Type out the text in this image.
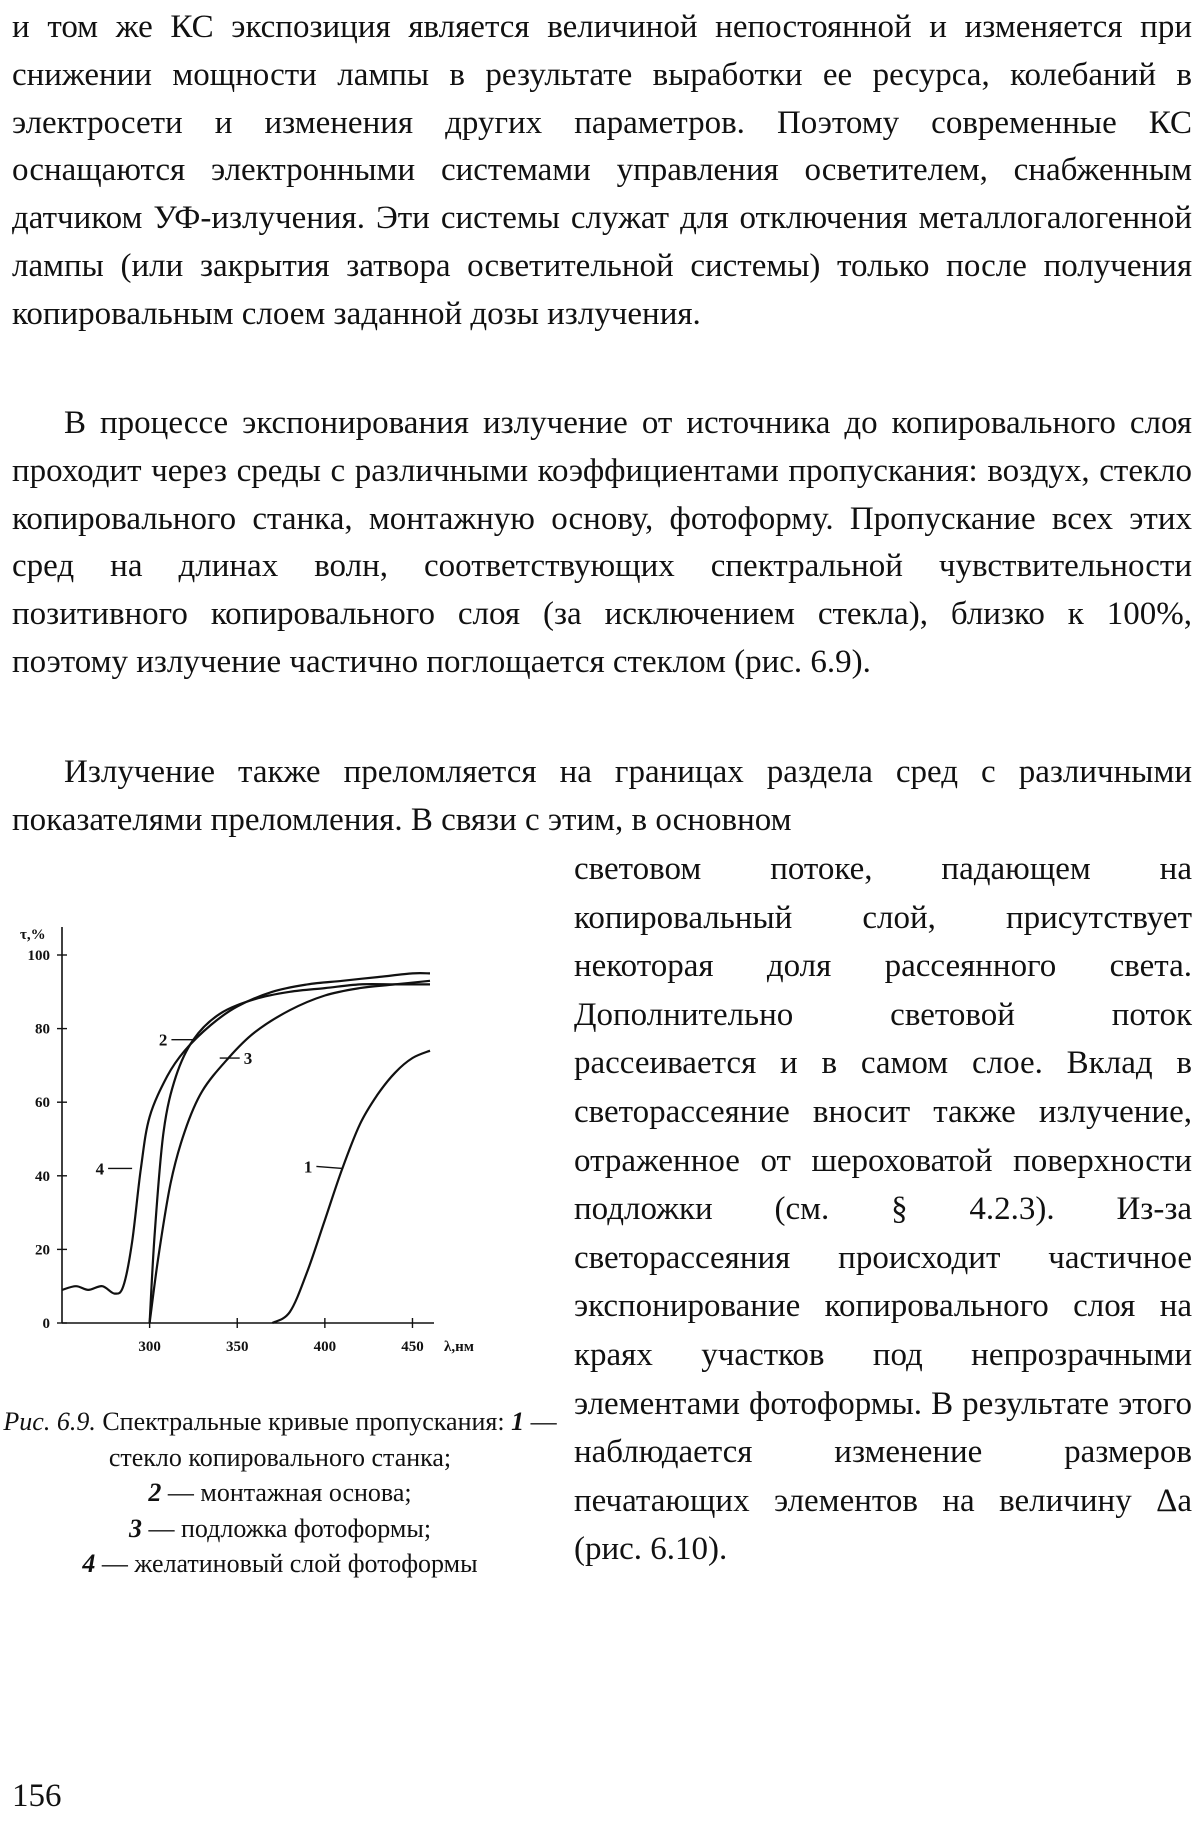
и том же КС экспозиция является величиной непостоянной и изменяется при снижении мощности лампы в результате выработки ее ресурса, колебаний в электросети и изменения других параметров. Поэтому современные КС оснащаются электронными системами управления осветителем, снабженным датчиком УФ-излучения. Эти системы служат для отключения металлогалогенной лампы (или закрытия затвора осветительной системы) только после получения копировальным слоем заданной дозы излучения.

В процессе экспонирования излучение от источника до копировального слоя проходит через среды с различными коэффициентами пропускания: воздух, стекло копировального станка, монтажную основу, фотоформу. Пропускание всех этих сред на длинах волн, соответствующих спектральной чувствительности позитивного копировального слоя (за исключением стекла), близко к 100%, поэтому излучение частично поглощается стеклом (рис. 6.9).

Излучение также преломляется на границах раздела сред с различными показателями преломления. В связи с этим, в основном

τ,%
λ,нм
0
20
40
60
80
100
300	350	400	450
1
2
3
4
Рис. 6.9. Спектральные кривые пропускания: 1 — стекло копировального станка;
2 — монтажная основа;
3 — подложка фотоформы;
4 — желатиновый слой фотоформы

световом потоке, падающем на копировальный слой, присутствует некоторая доля рассеянного света. Дополнительно световой поток рассеивается и в самом слое. Вклад в светорассеяние вносит также излучение, отраженное от шероховатой поверхности подложки (см. § 4.2.3). Из-за светорассеяния происходит частичное экспонирование копировального слоя на краях участков под непрозрачными элементами фотоформы. В результате этого наблюдается изменение размеров печатающих элементов на величину Δa (рис. 6.10).

156
